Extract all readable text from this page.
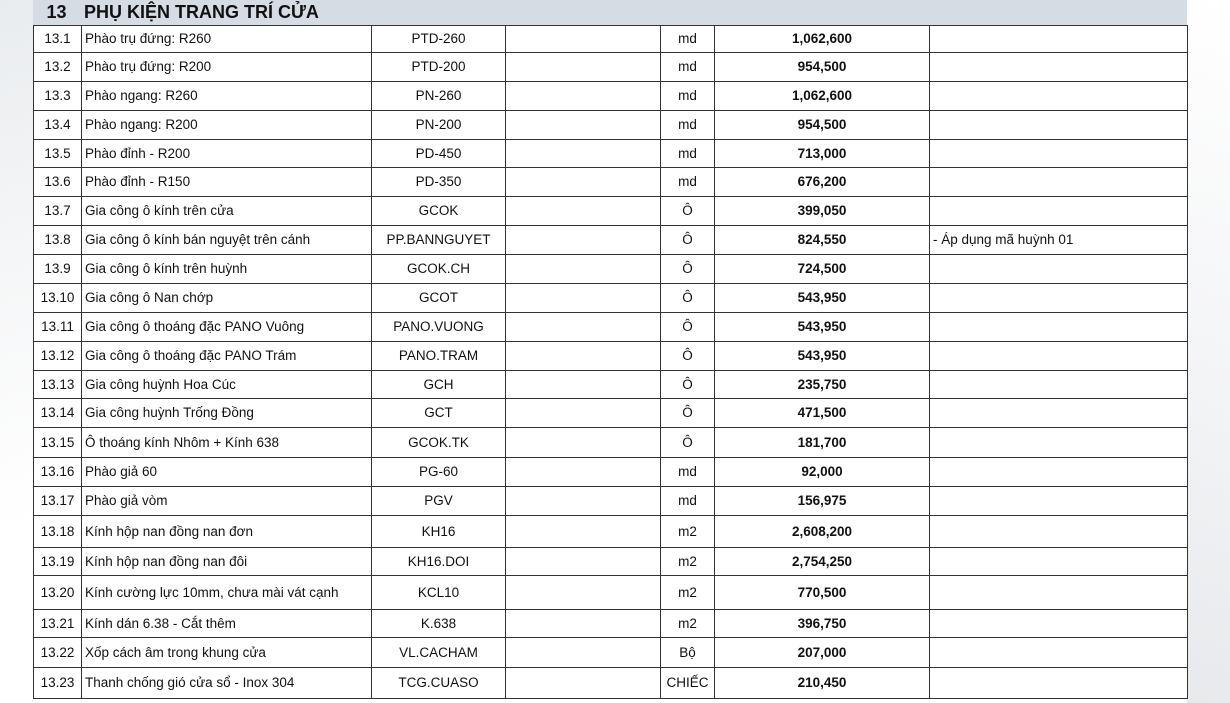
13 PHỤ KIỆN TRANG TRÍ CỬA
13.1	Phào trụ đứng: R260	PTD-260		md	1,062,600	
13.2	Phào trụ đứng: R200	PTD-200		md	954,500	
13.3	Phào ngang: R260	PN-260		md	1,062,600	
13.4	Phào ngang: R200	PN-200		md	954,500	
13.5	Phào đỉnh - R200	PD-450		md	713,000	
13.6	Phào đỉnh - R150	PD-350		md	676,200	
13.7	Gia công ô kính trên cửa	GCOK		Ô	399,050	
13.8	Gia công ô kính bán nguyệt trên cánh	PP.BANNGUYET		Ô	824,550	- Áp dụng mã huỳnh 01
13.9	Gia công ô kính trên huỳnh	GCOK.CH		Ô	724,500	
13.10	Gia công ô Nan chớp	GCOT		Ô	543,950	
13.11	Gia công ô thoáng đặc PANO Vuông	PANO.VUONG		Ô	543,950	
13.12	Gia công ô thoáng đặc PANO Trám	PANO.TRAM		Ô	543,950	
13.13	Gia công huỳnh Hoa Cúc	GCH		Ô	235,750	
13.14	Gia công huỳnh Trống Đồng	GCT		Ô	471,500	
13.15	Ô thoáng kính Nhôm + Kính 638	GCOK.TK		Ô	181,700	
13.16	Phào giả 60	PG-60		md	92,000	
13.17	Phào giả vòm	PGV		md	156,975	
13.18	Kính hộp nan đồng nan đơn	KH16		m2	2,608,200	
13.19	Kính hộp nan đồng nan đôi	KH16.DOI		m2	2,754,250	
13.20	Kính cường lực 10mm, chưa mài vát cạnh	KCL10		m2	770,500	
13.21	Kính dán 6.38 - Cắt thêm	K.638		m2	396,750	
13.22	Xốp cách âm trong khung cửa	VL.CACHAM		Bộ	207,000	
13.23	Thanh chống gió cửa sổ - Inox 304	TCG.CUASO		CHIẾC	210,450	
